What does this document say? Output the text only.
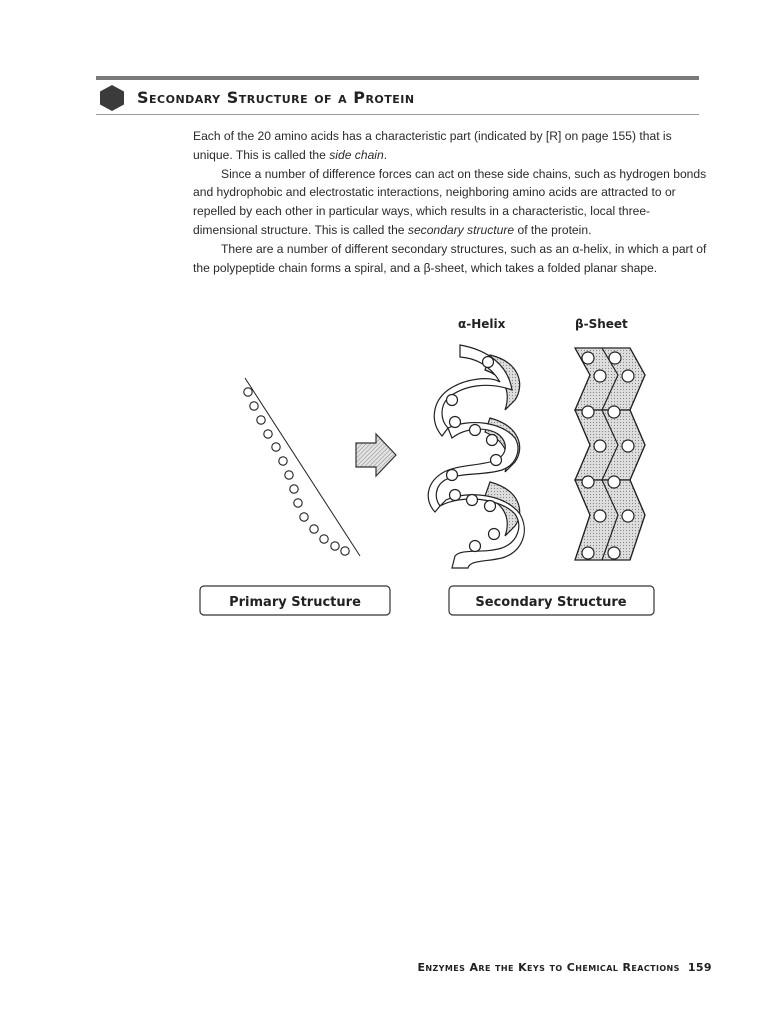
Secondary Structure of a Protein

Each of the 20 amino acids has a characteristic part (indicated by [R] on page 155) that is unique. This is called the side chain.

Since a number of difference forces can act on these side chains, such as hydrogen bonds and hydrophobic and electrostatic interactions, neighboring amino acids are attracted to or repelled by each other in particular ways, which results in a characteristic, local three-dimensional structure. This is called the secondary structure of the protein.

There are a number of different secondary structures, such as an α-helix, in which a part of the polypeptide chain forms a spiral, and a β-sheet, which takes a folded planar shape.

α-Helix	β-Sheet
Primary Structure	Secondary Structure
Enzymes Are the Keys to Chemical Reactions 159
